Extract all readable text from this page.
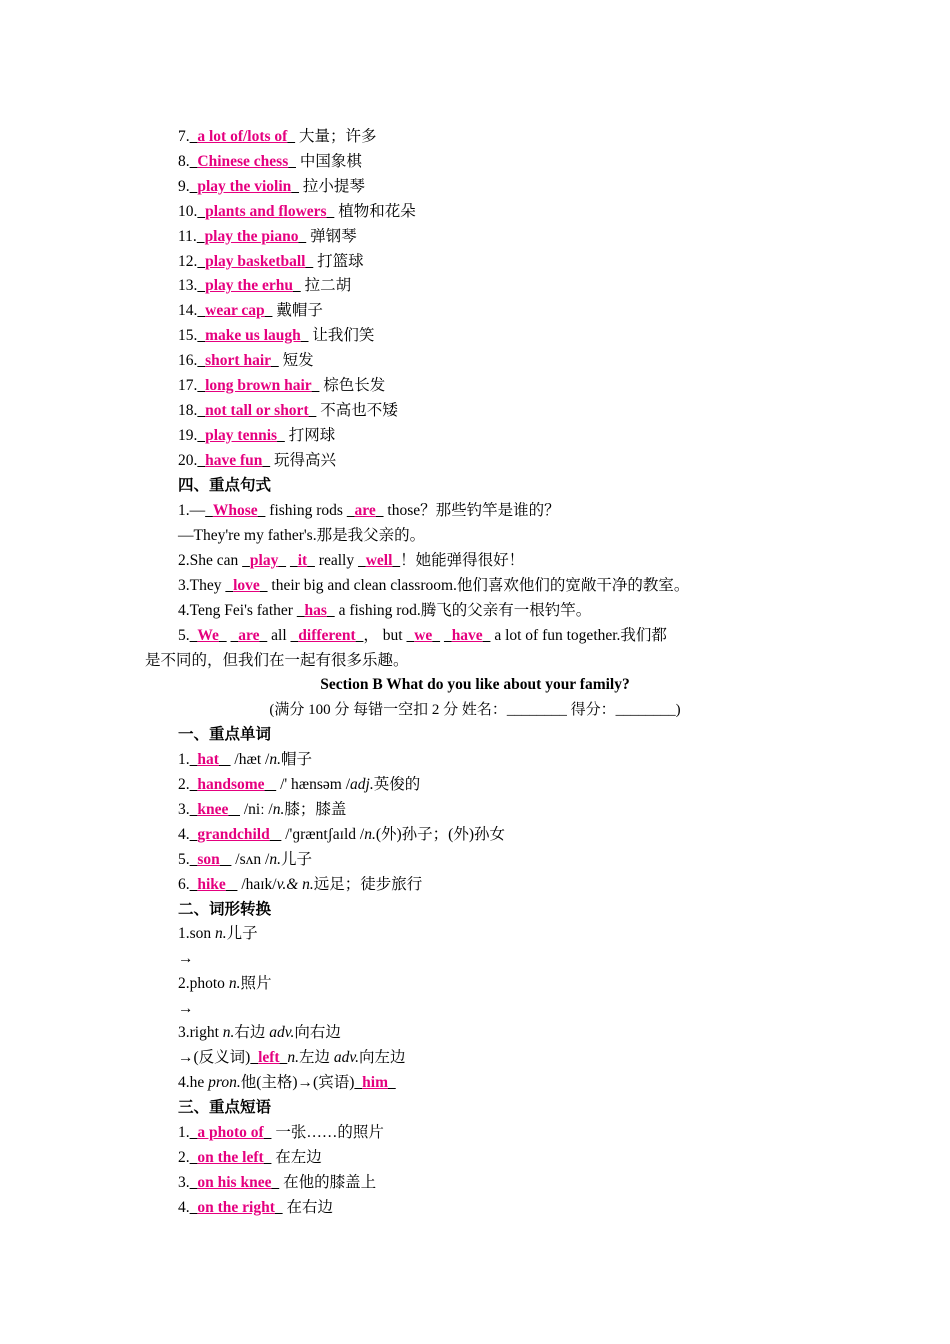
7. a lot of/lots of 大量；许多
8. Chinese chess 中国象棋
9. play the violin 拉小提琴
10. plants and flowers 植物和花朵
11. play the piano 弹钢琴
12. play basketball 打篮球
13. play the erhu 拉二胡
14. wear cap 戴帽子
15. make us laugh 让我们笑
16. short hair 短发
17. long brown hair 棕色长发
18. not tall or short 不高也不矮
19. play tennis 打网球
20. have fun 玩得高兴
四、重点句式
1.— Whose fishing rods are those？那些钓竿是谁的？
—They're my father's.那是我父亲的。
2.She can play it really well ！她能弹得很好！
3.They love their big and clean classroom.他们喜欢他们的宽敞干净的教室。
4.Teng Fei's father has a fishing rod.腾飞的父亲有一根钓竿。
5. We are all different ， but we have a lot of fun together.我们都
是不同的，但我们在一起有很多乐趣。
Section B What do you like about your family?
(满分 100 分 每错一空扣 2 分 姓名：________ 得分：________)
一、重点单词
1. hat /hæt /n.帽子
2. handsome /' hænsəm /adj.英俊的
3. knee /niː /n.膝；膝盖
4. grandchild /'ɡræntʃaɪld /n.(外)孙子；(外)孙女
5. son /sʌn /n.儿子
6. hike /haɪk/v.& n.远足；徒步旅行
二、词形转换
1.son n.儿子
→
2.photo n.照片
→
3.right n.右边 adv.向右边
→(反义词) left n.左边 adv.向左边
4.he pron.他(主格)→(宾语) him
三、重点短语
1. a photo of 一张……的照片
2. on the left 在左边
3. on his knee 在他的膝盖上
4. on the right 在右边
